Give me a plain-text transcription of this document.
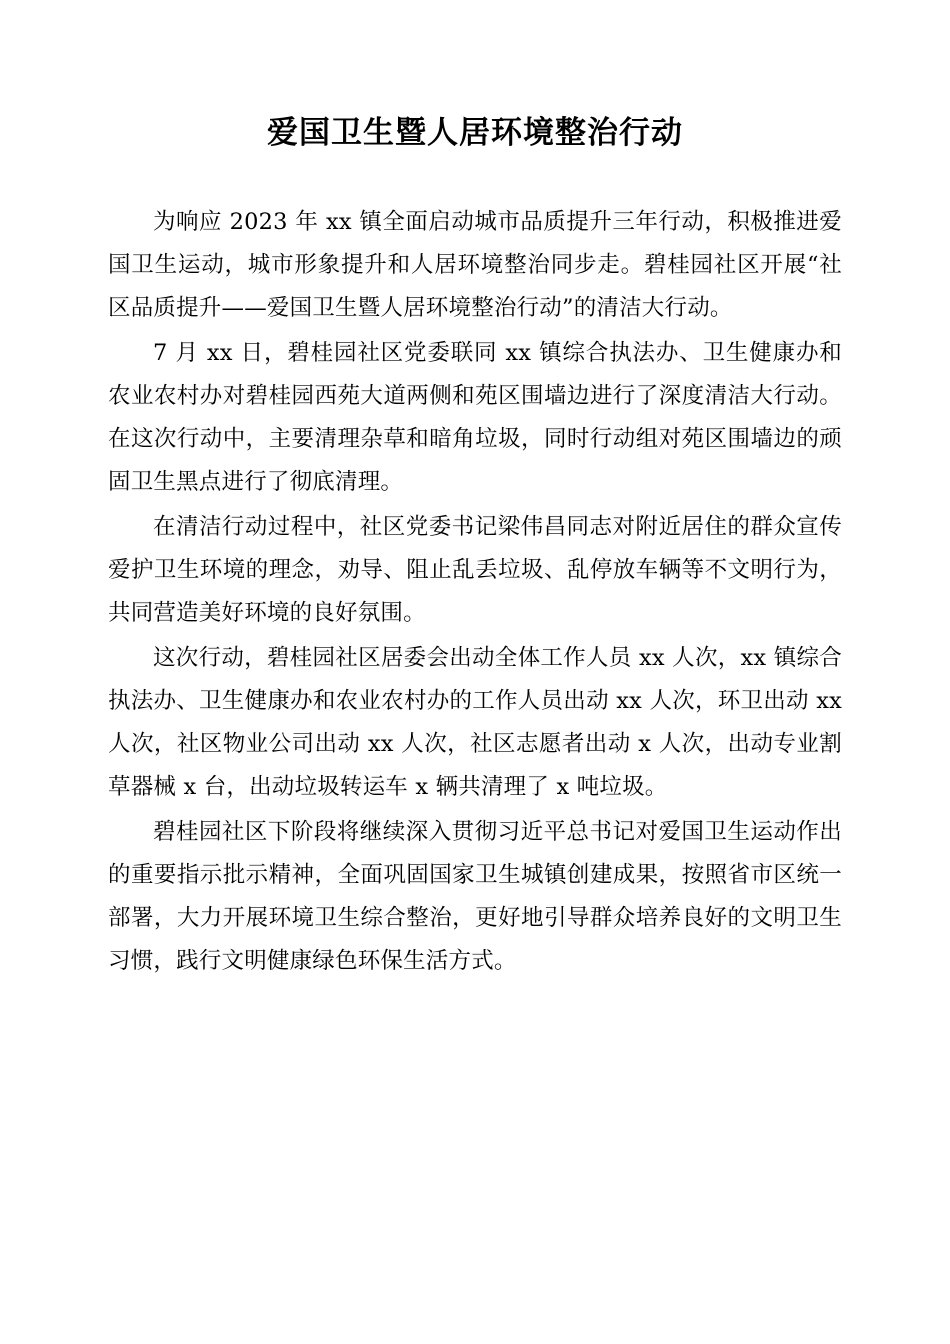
爱国卫生暨人居环境整治行动

为响应 2023 年 xx 镇全面启动城市品质提升三年行动，积极推进爱国卫生运动，城市形象提升和人居环境整治同步走。碧桂园社区开展“社区品质提升——爱国卫生暨人居环境整治行动”的清洁大行动。

7 月 xx 日，碧桂园社区党委联同 xx 镇综合执法办、卫生健康办和农业农村办对碧桂园西苑大道两侧和苑区围墙边进行了深度清洁大行动。在这次行动中，主要清理杂草和暗角垃圾，同时行动组对苑区围墙边的顽固卫生黑点进行了彻底清理。

在清洁行动过程中，社区党委书记梁伟昌同志对附近居住的群众宣传爱护卫生环境的理念，劝导、阻止乱丢垃圾、乱停放车辆等不文明行为，共同营造美好环境的良好氛围。

这次行动，碧桂园社区居委会出动全体工作人员 xx 人次，xx 镇综合执法办、卫生健康办和农业农村办的工作人员出动 xx 人次，环卫出动 xx 人次，社区物业公司出动 xx 人次，社区志愿者出动 x 人次，出动专业割草器械 x 台，出动垃圾转运车 x 辆共清理了 x 吨垃圾。

碧桂园社区下阶段将继续深入贯彻习近平总书记对爱国卫生运动作出的重要指示批示精神，全面巩固国家卫生城镇创建成果，按照省市区统一部署，大力开展环境卫生综合整治，更好地引导群众培养良好的文明卫生习惯，践行文明健康绿色环保生活方式。
